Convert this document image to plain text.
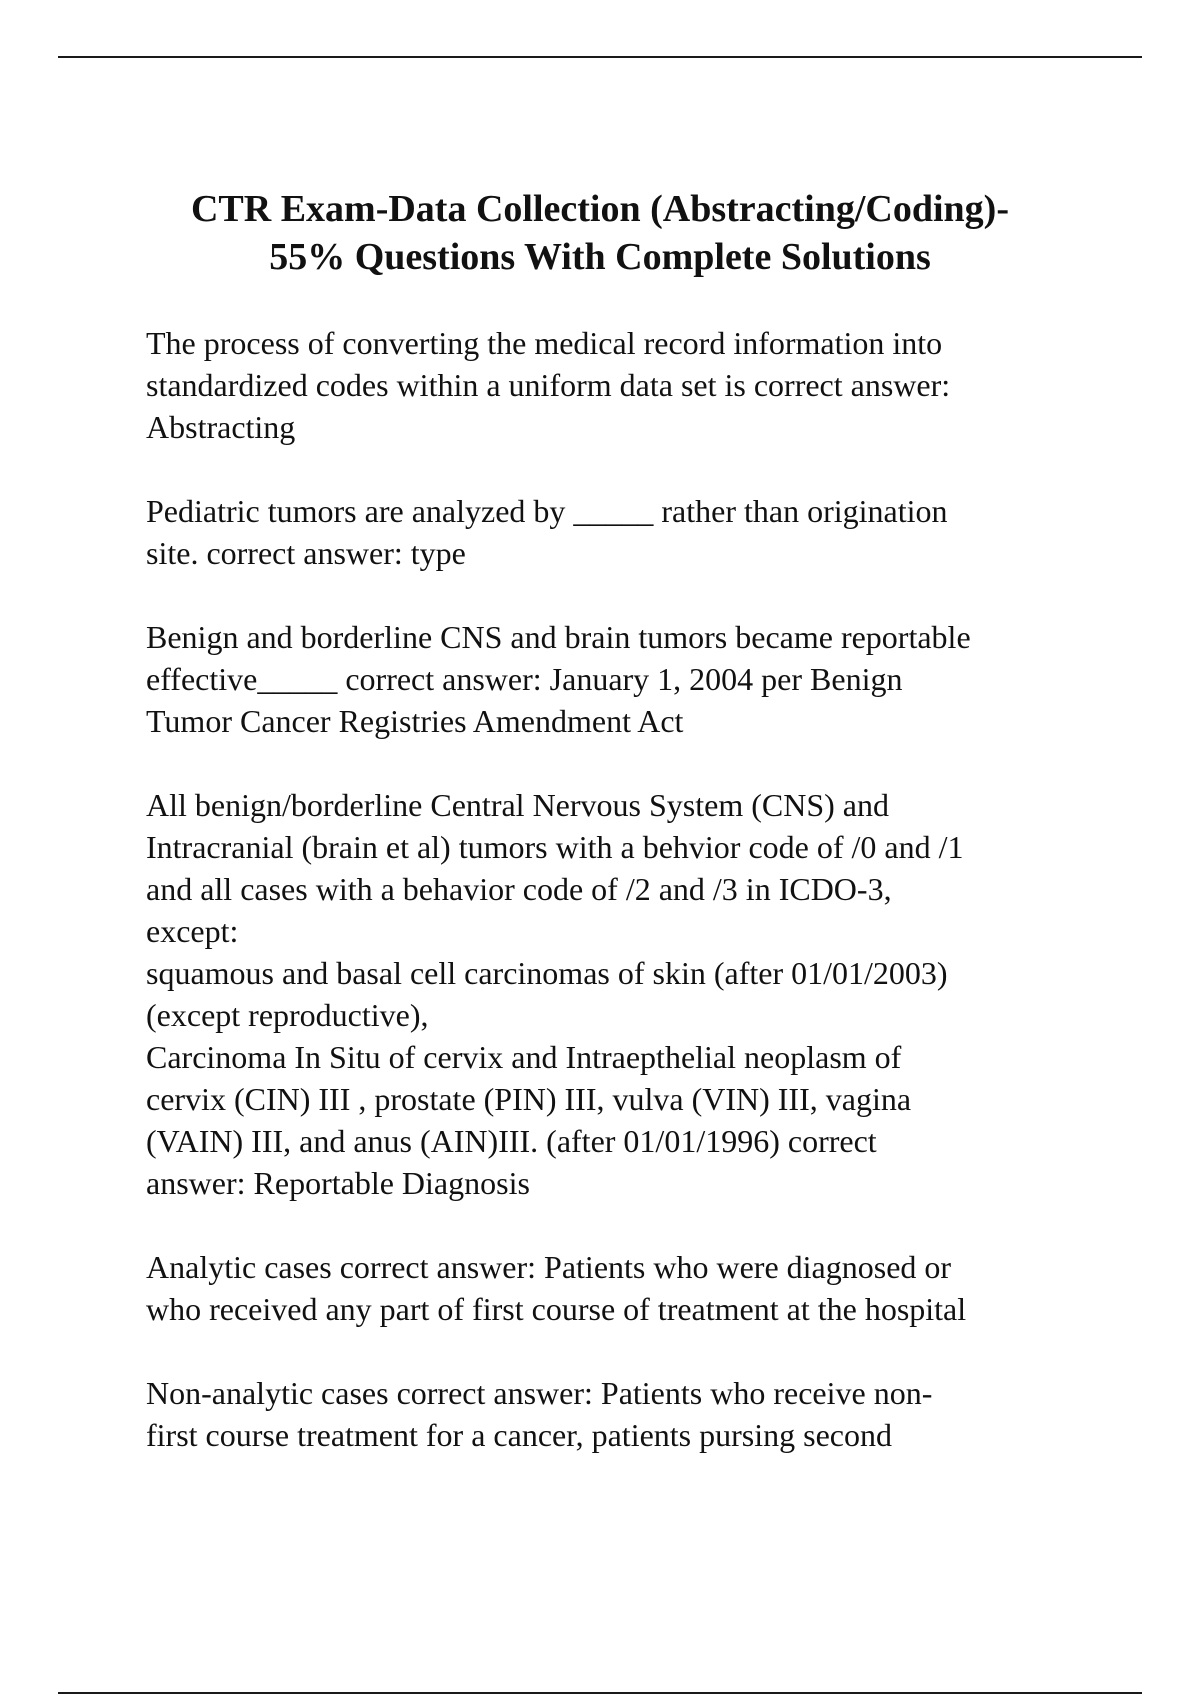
CTR Exam-Data Collection (Abstracting/Coding)-
55% Questions With Complete Solutions

The process of converting the medical record information into
standardized codes within a uniform data set is correct answer:
Abstracting

Pediatric tumors are analyzed by _____ rather than origination
site. correct answer: type

Benign and borderline CNS and brain tumors became reportable
effective_____ correct answer: January 1, 2004 per Benign
Tumor Cancer Registries Amendment Act

All benign/borderline Central Nervous System (CNS) and
Intracranial (brain et al) tumors with a behvior code of /0 and /1
and all cases with a behavior code of /2 and /3 in ICDO-3,
except:
squamous and basal cell carcinomas of skin (after 01/01/2003)
(except reproductive),
Carcinoma In Situ of cervix and Intraepthelial neoplasm of
cervix (CIN) III , prostate (PIN) III, vulva (VIN) III, vagina
(VAIN) III, and anus (AIN)III. (after 01/01/1996) correct
answer: Reportable Diagnosis

Analytic cases correct answer: Patients who were diagnosed or
who received any part of first course of treatment at the hospital

Non-analytic cases correct answer: Patients who receive non-
first course treatment for a cancer, patients pursing second
